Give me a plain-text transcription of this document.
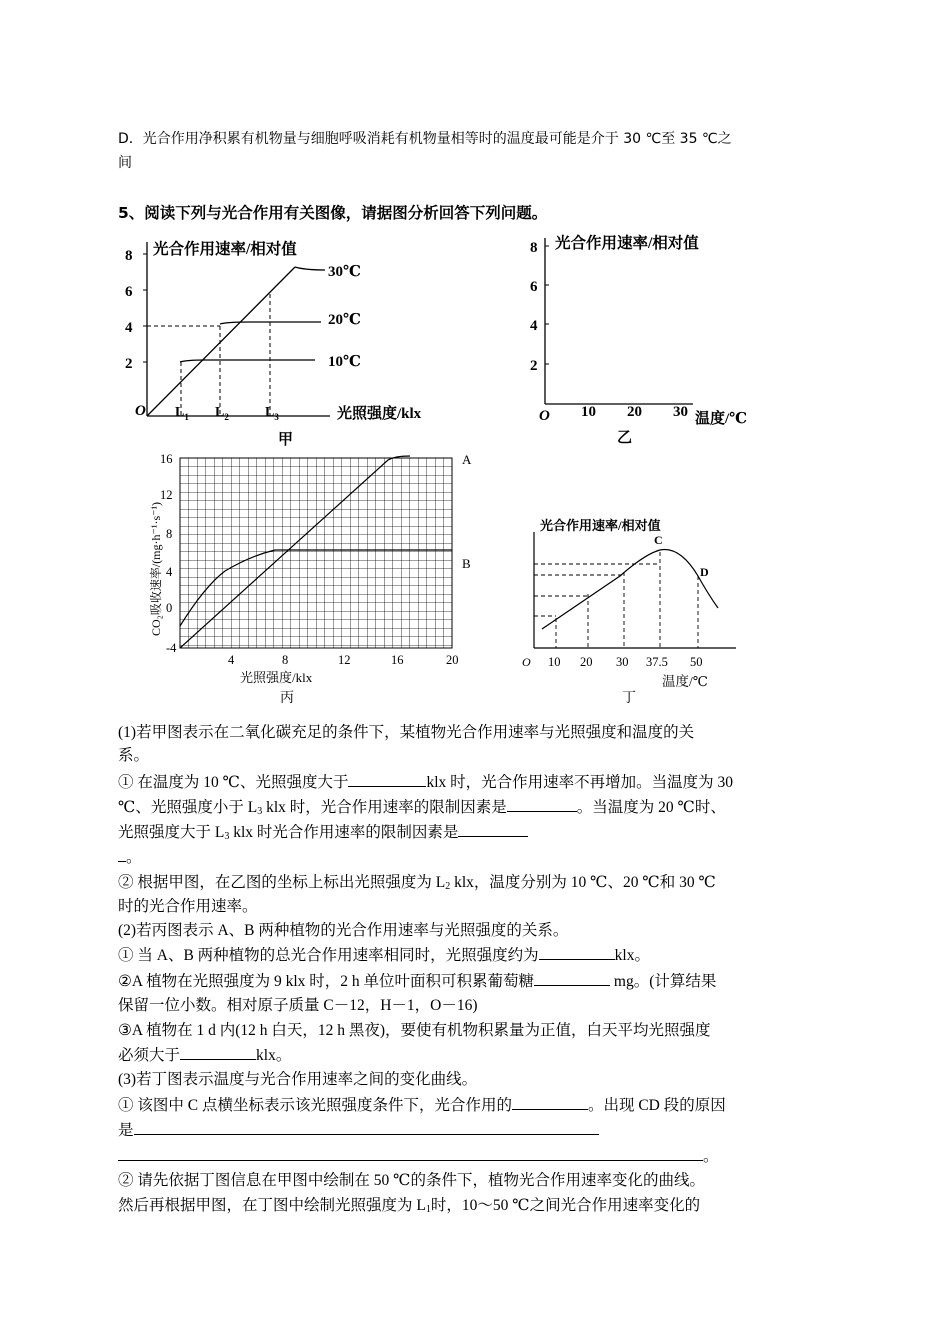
D．光合作用净积累有机物量与细胞呼吸消耗有机物量相等时的温度最可能是介于 30 ℃至 35 ℃之
间
5、阅读下列与光合作用有关图像，请据图分析回答下列问题。
光合作用速率/相对值
2
4
6
8
O $L_1$ $L_2$	$L_3$	光照强度/klx
30℃
20℃
10℃
甲
光合作用速率/相对值
2
4
6
8
O 10 20 30 温度/℃
乙
CO₂吸收速率/(mg·h⁻¹·s⁻¹)
-4
0
4
8
12
16
4	8	12	16	20
光照强度/klx
A
B
丙
光合作用速率/相对值
C
D
O 10 20 30 37.5 50
温度/℃
丁
(1)若甲图表示在二氧化碳充足的条件下，某植物光合作用速率与光照强度和温度的关
系。
① 在温度为 10 ℃、光照强度大于	klx 时，光合作用速率不再增加。当温度为 30
℃、光照强度小于 $L_3$ klx 时，光合作用速率的限制因素是	。当温度为 20 ℃时、
光照强度大于 $L_3$ klx 时光合作用速率的限制因素是
。
② 根据甲图，在乙图的坐标上标出光照强度为 $L_2$ klx，温度分别为 10 ℃、20 ℃和 30 ℃
时的光合作用速率。
(2)若丙图表示 A、B 两种植物的光合作用速率与光照强度的关系。
① 当 A、B 两种植物的总光合作用速率相同时，光照强度约为	klx。
②A 植物在光照强度为 9 klx 时，2 h 单位叶面积可积累葡萄糖	mg。(计算结果
保留一位小数。相对原子质量 C－12，H－1，O－16)
③A 植物在 1 d 内(12 h 白天，12 h 黑夜)，要使有机物积累量为正值，白天平均光照强度
必须大于	klx。
(3)若丁图表示温度与光合作用速率之间的变化曲线。
① 该图中 C 点横坐标表示该光照强度条件下，光合作用的	。出现 CD 段的原因
是
。
② 请先依据丁图信息在甲图中绘制在 50 ℃的条件下，植物光合作用速率变化的曲线。
然后再根据甲图，在丁图中绘制光照强度为 $L_1$时，10～50 ℃之间光合作用速率变化的
